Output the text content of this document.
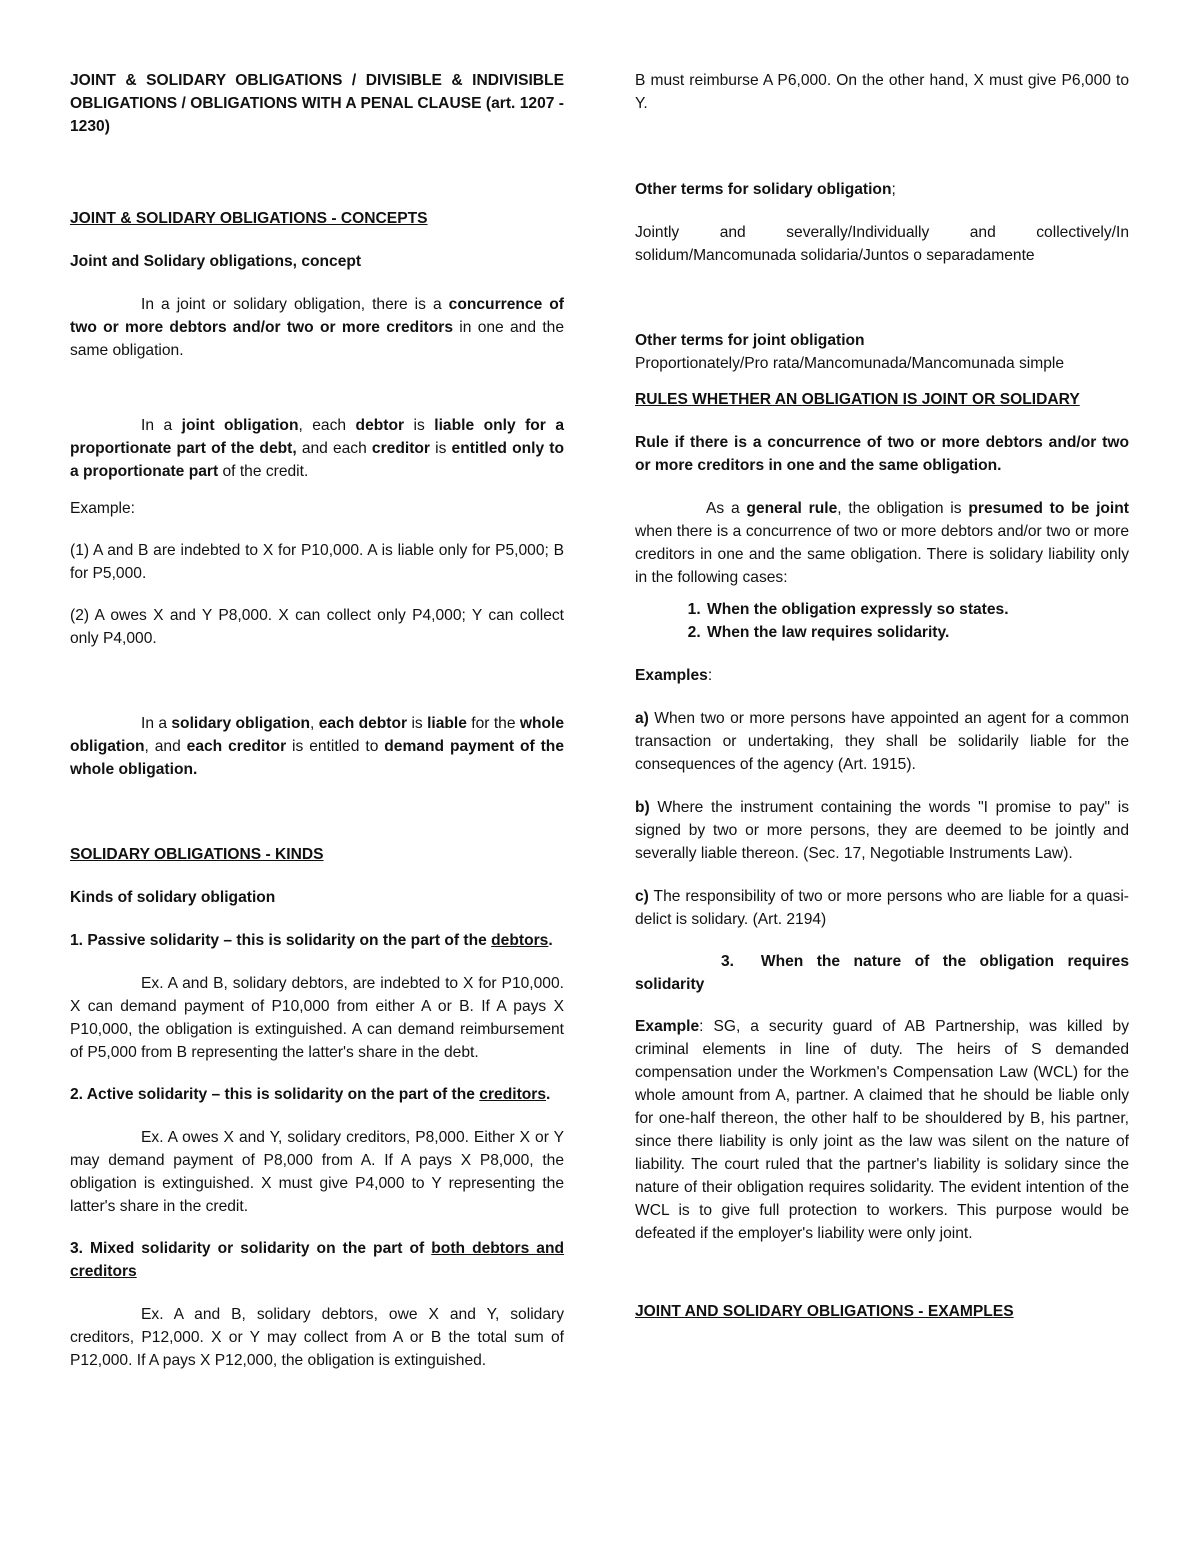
JOINT & SOLIDARY OBLIGATIONS / DIVISIBLE & INDIVISIBLE OBLIGATIONS / OBLIGATIONS WITH A PENAL CLAUSE (art. 1207 - 1230)
JOINT & SOLIDARY OBLIGATIONS - CONCEPTS
Joint and Solidary obligations, concept

In a joint or solidary obligation, there is a concurrence of two or more debtors and/or two or more creditors in one and the same obligation.

In a joint obligation, each debtor is liable only for a proportionate part of the debt, and each creditor is entitled only to a proportionate part of the credit.

Example:

(1) A and B are indebted to X for P10,000. A is liable only for P5,000; B for P5,000.

(2) A owes X and Y P8,000. X can collect only P4,000; Y can collect only P4,000.

In a solidary obligation, each debtor is liable for the whole obligation, and each creditor is entitled to demand payment of the whole obligation.

SOLIDARY OBLIGATIONS - KINDS
Kinds of solidary obligation

1. Passive solidarity – this is solidarity on the part of the debtors.

Ex. A and B, solidary debtors, are indebted to X for P10,000. X can demand payment of P10,000 from either A or B. If A pays X P10,000, the obligation is extinguished. A can demand reimbursement of P5,000 from B representing the latter's share in the debt.

2. Active solidarity – this is solidarity on the part of the creditors.

Ex. A owes X and Y, solidary creditors, P8,000. Either X or Y may demand payment of P8,000 from A. If A pays X P8,000, the obligation is extinguished. X must give P4,000 to Y representing the latter's share in the credit.

3. Mixed solidarity or solidarity on the part of both debtors and creditors

Ex. A and B, solidary debtors, owe X and Y, solidary creditors, P12,000. X or Y may collect from A or B the total sum of P12,000. If A pays X P12,000, the obligation is extinguished.

B must reimburse A P6,000. On the other hand, X must give P6,000 to Y.

Other terms for solidary obligation;

Jointly and severally/Individually and collectively/In solidum/Mancomunada solidaria/Juntos o separadamente

Other terms for joint obligation

Proportionately/Pro rata/Mancomunada/Mancomunada simple

RULES WHETHER AN OBLIGATION IS JOINT OR SOLIDARY
Rule if there is a concurrence of two or more debtors and/or two or more creditors in one and the same obligation.

As a general rule, the obligation is presumed to be joint when there is a concurrence of two or more debtors and/or two or more creditors in one and the same obligation. There is solidary liability only in the following cases:

1. When the obligation expressly so states.
2. When the law requires solidarity.

Examples:

a) When two or more persons have appointed an agent for a common transaction or undertaking, they shall be solidarily liable for the consequences of the agency (Art. 1915).

b) Where the instrument containing the words "I promise to pay" is signed by two or more persons, they are deemed to be jointly and severally liable thereon. (Sec. 17, Negotiable Instruments Law).

c) The responsibility of two or more persons who are liable for a quasi-delict is solidary. (Art. 2194)

3.  When the nature of the obligation requires solidarity

Example: SG, a security guard of AB Partnership, was killed by criminal elements in line of duty. The heirs of S demanded compensation under the Workmen's Compensation Law (WCL) for the whole amount from A, partner. A claimed that he should be liable only for one-half thereon, the other half to be shouldered by B, his partner, since there liability is only joint as the law was silent on the nature of liability. The court ruled that the partner's liability is solidary since the nature of their obligation requires solidarity. The evident intention of the WCL is to give full protection to workers. This purpose would be defeated if the employer's liability were only joint.

JOINT AND SOLIDARY OBLIGATIONS - EXAMPLES
